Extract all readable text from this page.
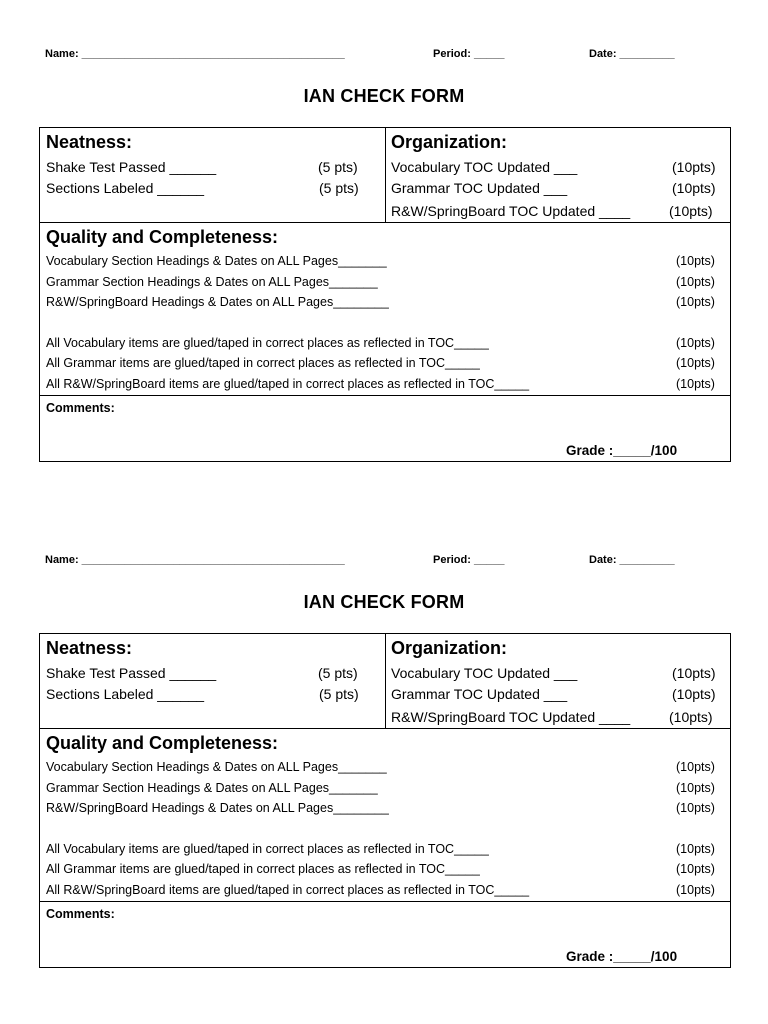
Name: ___________________________________________	Period: _____	Date: _________
IAN CHECK FORM
Neatness:
Shake Test Passed ______	(5 pts)
Sections Labeled ______	(5 pts)
Organization:
Vocabulary TOC Updated ___	(10pts)
Grammar TOC Updated ___	(10pts)
R&W/SpringBoard TOC Updated ____	(10pts)
Quality and Completeness:
Vocabulary Section Headings & Dates on ALL Pages_______	(10pts)
Grammar Section Headings & Dates on ALL Pages_______	(10pts)
R&W/SpringBoard Headings & Dates on ALL Pages________	(10pts)
All Vocabulary items are glued/taped in correct places as reflected in TOC_____	(10pts)
All Grammar items are glued/taped in correct places as reflected in TOC_____	(10pts)
All R&W/SpringBoard items are glued/taped in correct places as reflected in TOC_____	(10pts)
Comments:
Grade :_____/100
Name: ___________________________________________	Period: _____	Date: _________
IAN CHECK FORM
Neatness:
Shake Test Passed ______	(5 pts)
Sections Labeled ______	(5 pts)
Organization:
Vocabulary TOC Updated ___	(10pts)
Grammar TOC Updated ___	(10pts)
R&W/SpringBoard TOC Updated ____	(10pts)
Quality and Completeness:
Vocabulary Section Headings & Dates on ALL Pages_______	(10pts)
Grammar Section Headings & Dates on ALL Pages_______	(10pts)
R&W/SpringBoard Headings & Dates on ALL Pages________	(10pts)
All Vocabulary items are glued/taped in correct places as reflected in TOC_____	(10pts)
All Grammar items are glued/taped in correct places as reflected in TOC_____	(10pts)
All R&W/SpringBoard items are glued/taped in correct places as reflected in TOC_____	(10pts)
Comments:
Grade :_____/100
